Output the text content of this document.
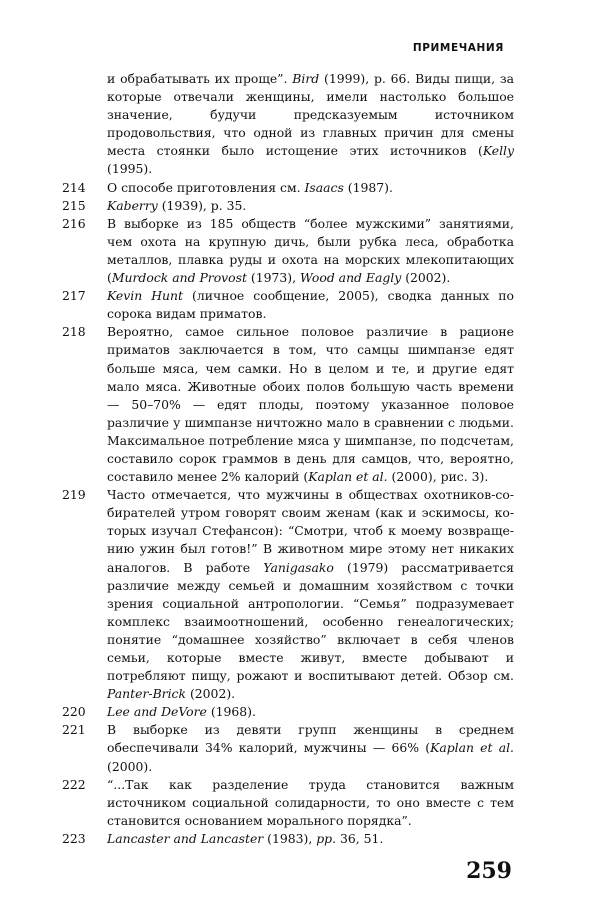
ПРИМЕЧАНИЯ
и обрабатывать их проще”. Bird (1999), p. 66. Виды пищи, за которые отвечали женщины, имели настолько большое значение, будучи предсказуемым источником продовольствия, что одной из главных причин для смены места стоянки было истощение этих источников (Kelly (1995).
214	О способе приготовления см. Isaacs (1987).
215	Kaberry (1939), p. 35.
216	В выборке из 185 обществ “более мужскими” занятиями, чем охота на крупную дичь, были рубка леса, обработка металлов, плавка руды и охота на морских млекопитающих (Murdock and Provost (1973), Wood and Eagly (2002).
217	Kevin Hunt (личное сообщение, 2005), сводка данных по сорока видам приматов.
218	Вероятно, самое сильное половое различие в рационе приматов заключается в том, что самцы шимпанзе едят больше мяса, чем самки. Но в целом и те, и другие едят мало мяса. Животные обоих полов большую часть времени — 50–70% — едят плоды, поэтому указанное половое различие у шимпанзе ничтожно мало в сравнении с людьми. Максимальное потребление мяса у шимпанзе, по подсчетам, составило сорок граммов в день для самцов, что, вероятно, составило менее 2% калорий (Kaplan et al. (2000), рис. 3).
219	Часто отмечается, что мужчины в обществах охотников-собирателей утром говорят своим женам (как и эскимосы, которых изучал Стефансон): “Смотри, чтоб к моему возвращению ужин был готов!” В животном мире этому нет никаких аналогов. В работе Yanigasako (1979) рассматривается различие между семьей и домашним хозяйством с точки зрения социальной антропологии. “Семья” подразумевает комплекс взаимоотношений, особенно генеалогических; понятие “домашнее хозяйство” включает в себя членов семьи, которые вместе живут, вместе добывают и потребляют пищу, рожают и воспитывают детей. Обзор см. Panter-Brick (2002).
220	Lee and DeVore (1968).
221	В выборке из девяти групп женщины в среднем обеспечивали 34% калорий, мужчины — 66% (Kaplan et al. (2000).
222	“...Так как разделение труда становится важным источником социальной солидарности, то оно вместе с тем становится основанием морального порядка”.
223	Lancaster and Lancaster (1983), pp. 36, 51.
259
